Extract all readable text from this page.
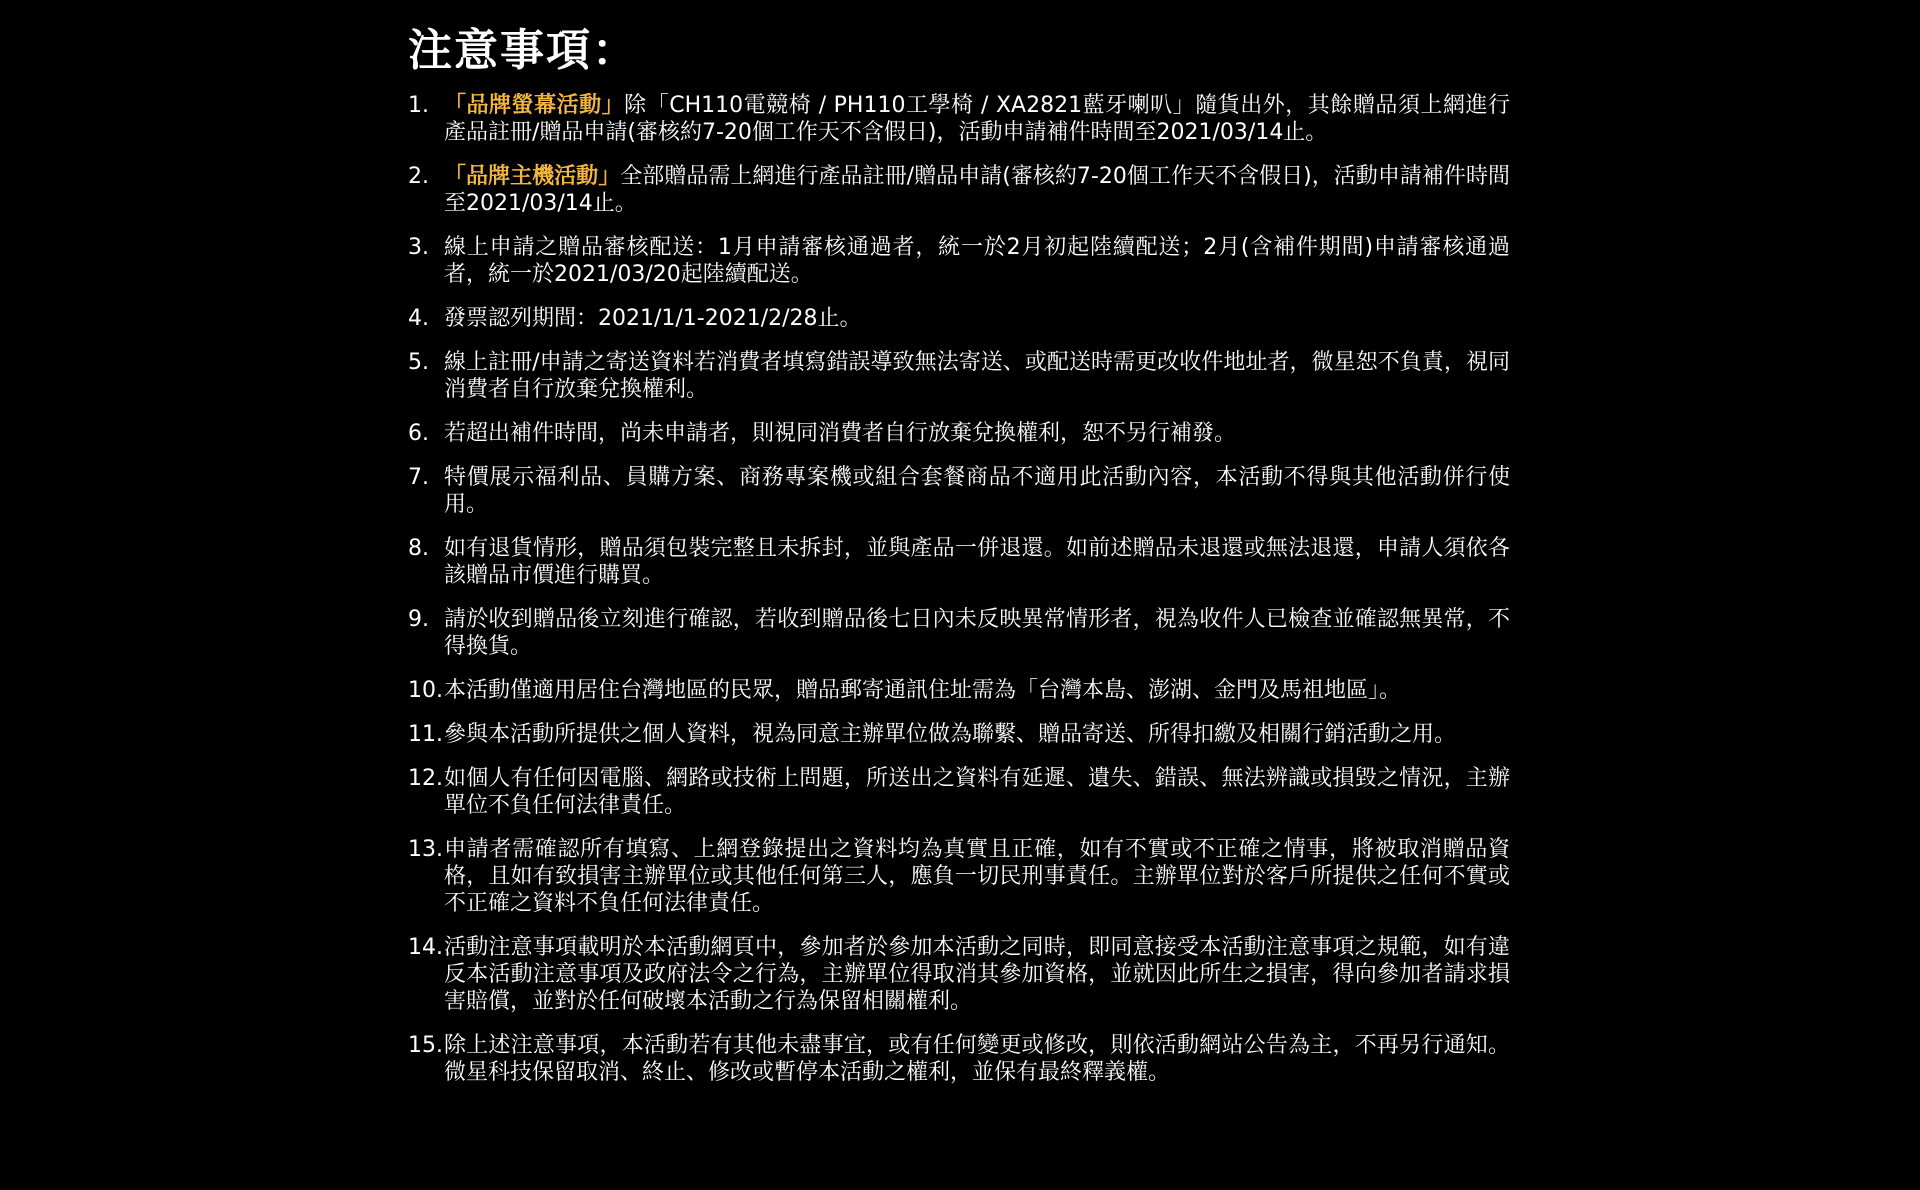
注意事項：
1. 「品牌螢幕活動」除「CH110電競椅 / PH110工學椅 / XA2821藍牙喇叭」隨貨出外，其餘贈品須上網進行產品註冊/贈品申請(審核約7-20個工作天不含假日)，活動申請補件時間至2021/03/14止。
2. 「品牌主機活動」全部贈品需上網進行產品註冊/贈品申請(審核約7-20個工作天不含假日)，活動申請補件時間至2021/03/14止。
3. 線上申請之贈品審核配送：1月申請審核通過者，統一於2月初起陸續配送；2月(含補件期間)申請審核通過者，統一於2021/03/20起陸續配送。
4. 發票認列期間：2021/1/1-2021/2/28止。
5. 線上註冊/申請之寄送資料若消費者填寫錯誤導致無法寄送、或配送時需更改收件地址者，微星恕不負責，視同消費者自行放棄兌換權利。
6. 若超出補件時間，尚未申請者，則視同消費者自行放棄兌換權利，恕不另行補發。
7. 特價展示福利品、員購方案、商務專案機或組合套餐商品不適用此活動內容，本活動不得與其他活動併行使用。
8. 如有退貨情形，贈品須包裝完整且未拆封，並與產品一併退還。如前述贈品未退還或無法退還，申請人須依各該贈品市價進行購買。
9. 請於收到贈品後立刻進行確認，若收到贈品後七日內未反映異常情形者，視為收件人已檢查並確認無異常，不得換貨。
10. 本活動僅適用居住台灣地區的民眾，贈品郵寄通訊住址需為「台灣本島、澎湖、金門及馬祖地區」。
11. 參與本活動所提供之個人資料，視為同意主辦單位做為聯繫、贈品寄送、所得扣繳及相關行銷活動之用。
12. 如個人有任何因電腦、網路或技術上問題，所送出之資料有延遲、遺失、錯誤、無法辨識或損毀之情況，主辦單位不負任何法律責任。
13. 申請者需確認所有填寫、上網登錄提出之資料均為真實且正確，如有不實或不正確之情事，將被取消贈品資格，且如有致損害主辦單位或其他任何第三人，應負一切民刑事責任。主辦單位對於客戶所提供之任何不實或不正確之資料不負任何法律責任。
14. 活動注意事項載明於本活動網頁中，參加者於參加本活動之同時，即同意接受本活動注意事項之規範，如有違反本活動注意事項及政府法令之行為，主辦單位得取消其參加資格，並就因此所生之損害，得向參加者請求損害賠償，並對於任何破壞本活動之行為保留相關權利。
15. 除上述注意事項，本活動若有其他未盡事宜，或有任何變更或修改，則依活動網站公告為主，不再另行通知。微星科技保留取消、終止、修改或暫停本活動之權利，並保有最終釋義權。
